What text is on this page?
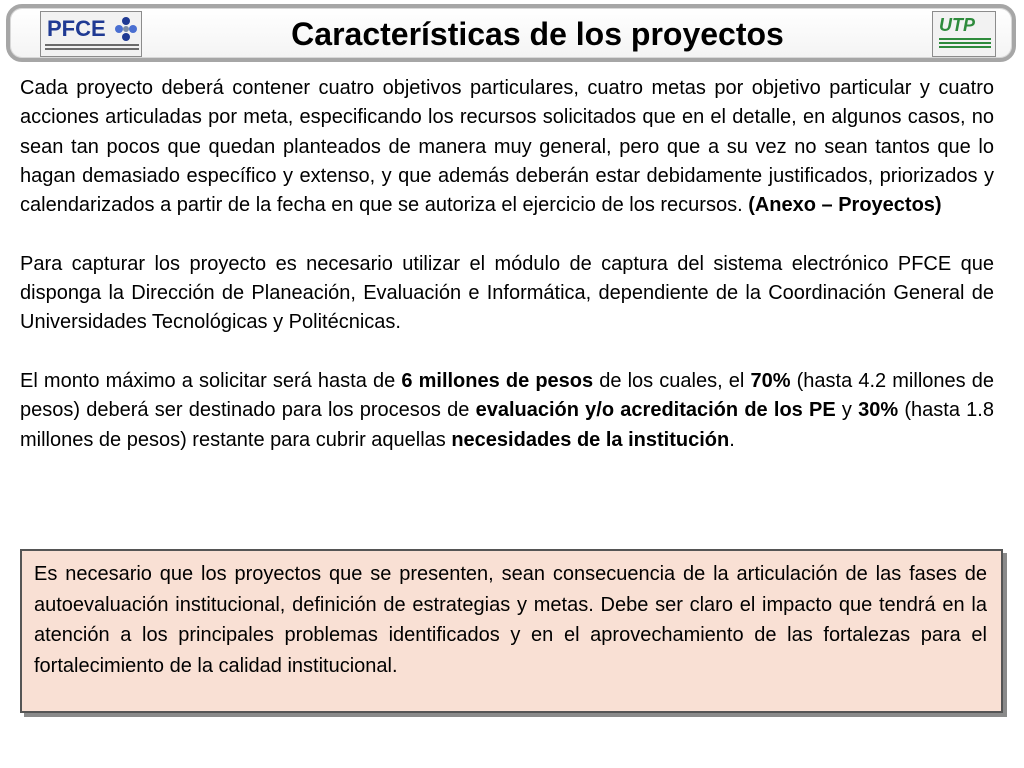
PFCE	Características de los proyectos	UTP

Cada proyecto deberá contener cuatro objetivos particulares, cuatro metas por objetivo particular y cuatro acciones articuladas por meta, especificando los recursos solicitados que en el detalle, en algunos casos, no sean tan pocos que quedan planteados de manera muy general, pero que a su vez no sean tantos que lo hagan demasiado específico y extenso, y que además deberán estar debidamente justificados, priorizados y calendarizados a partir de la fecha en que se autoriza el ejercicio de los recursos. (Anexo – Proyectos)

Para capturar los proyecto es necesario utilizar el módulo de captura del sistema electrónico PFCE que disponga la Dirección de Planeación, Evaluación e Informática, dependiente de la Coordinación General de Universidades Tecnológicas y Politécnicas.

El monto máximo a solicitar será hasta de 6 millones de pesos de los cuales, el 70% (hasta 4.2 millones de pesos) deberá ser destinado para los procesos de evaluación y/o acreditación de los PE y 30% (hasta 1.8 millones de pesos) restante para cubrir aquellas necesidades de la institución.

Es necesario que los proyectos que se presenten, sean consecuencia de la articulación de las fases de autoevaluación institucional, definición de estrategias y metas. Debe ser claro el impacto que tendrá en la atención a los principales problemas identificados y en el aprovechamiento de las fortalezas para el fortalecimiento de la calidad institucional.
